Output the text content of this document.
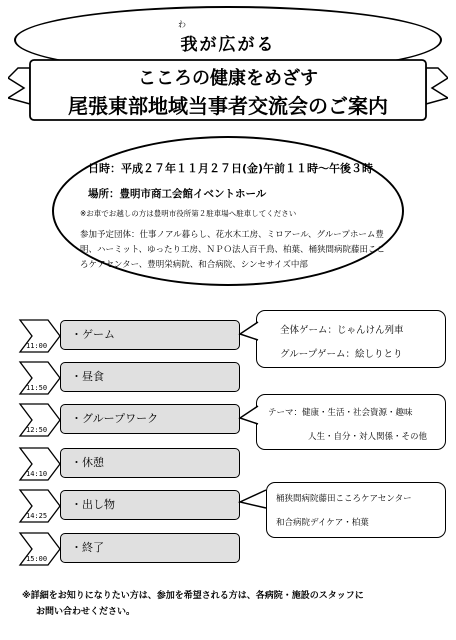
わ
我が広がる
こころの健康をめざす
尾張東部地域当事者交流会のご案内
日時：平成２７年１１月２７日(金)午前１１時～午後３時
場所：豊明市商工会館イベントホール
※お車でお越しの方は豊明市役所第２駐車場へ駐車してください
参加予定団体：仕事ノアル暮らし、花水木工房、ミロアール、グループホーム豊明、ハーミット、ゆったり工房、ＮＰＯ法人百千鳥、柏葉、桶狭間病院藤田こころケアセンター、豊明栄病院、和合病院、シンセサイズ中部
11:00
・ゲーム
11:50
・昼食
12:50
・グループワーク
14:10
・休憩
14:25
・出し物
15:00
・終了
全体ゲーム：じゃんけん列車
グループゲーム：絵しりとり
テーマ：健康・生活・社会資源・趣味
人生・自分・対人関係・その他
桶狭間病院藤田こころケアセンター
和合病院デイケア・柏葉
※詳細をお知りになりたい方は、参加を希望される方は、各病院・施設のスタッフに
お問い合わせください。
